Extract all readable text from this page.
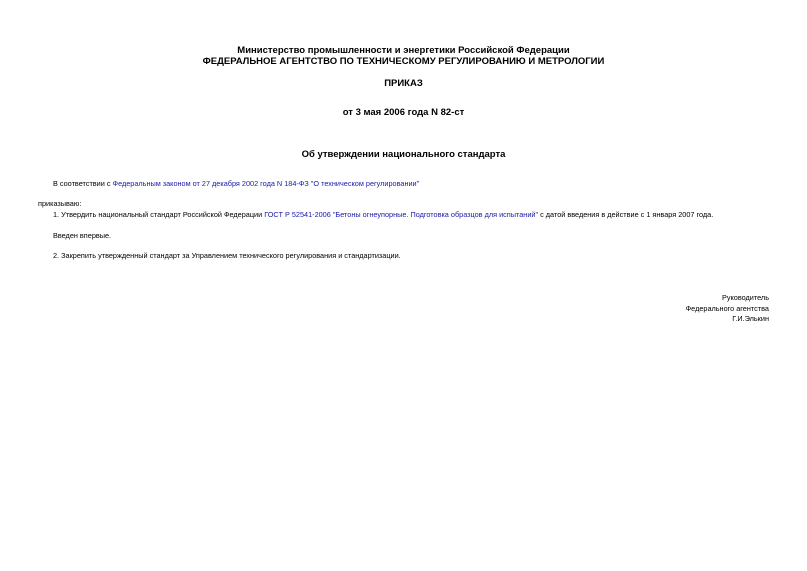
Министерство промышленности и энергетики Российской Федерации
ФЕДЕРАЛЬНОЕ АГЕНТСТВО ПО ТЕХНИЧЕСКОМУ РЕГУЛИРОВАНИЮ И МЕТРОЛОГИИ
ПРИКАЗ
от 3 мая 2006 года N 82-ст
Об утверждении национального стандарта
В соответствии с Федеральным законом от 27 декабря 2002 года N 184-ФЗ "О техническом регулировании"
приказываю:
1. Утвердить национальный стандарт Российской Федерации ГОСТ Р 52541-2006 "Бетоны огнеупорные. Подготовка образцов для испытаний" с датой введения в действие с 1 января 2007 года.
Введен впервые.
2. Закрепить утвержденный стандарт за Управлением технического регулирования и стандартизации.
Руководитель
Федерального агентства
Г.И.Элькин
